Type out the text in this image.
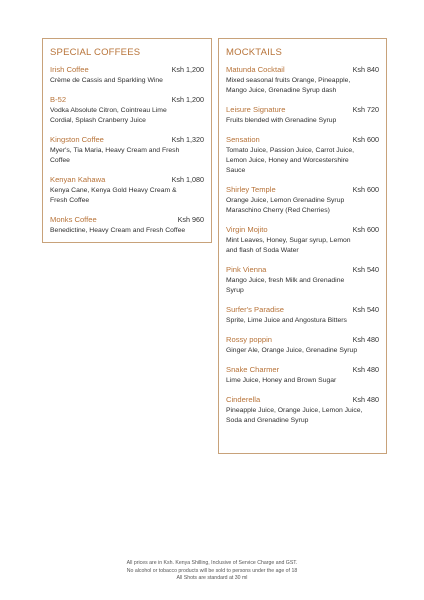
SPECIAL COFFEES
Irish Coffee	Ksh 1,200
Crème de Cassis and Sparkling Wine
B-52	Ksh 1,200
Vodka Absolute Citron, Cointreau Lime Cordial, Splash Cranberry Juice
Kingston Coffee	Ksh 1,320
Myer's, Tia Maria, Heavy Cream and Fresh Coffee
Kenyan Kahawa	Ksh 1,080
Kenya Cane, Kenya Gold Heavy Cream & Fresh Coffee
Monks Coffee	Ksh 960
Benedictine, Heavy Cream and Fresh Coffee
MOCKTAILS
Matunda Cocktail	Ksh 840
Mixed seasonal fruits Orange, Pineapple, Mango Juice, Grenadine Syrup dash
Leisure Signature	Ksh 720
Fruits blended with Grenadine Syrup
Sensation	Ksh 600
Tomato Juice, Passion Juice, Carrot Juice, Lemon Juice, Honey and Worcestershire Sauce
Shirley Temple	Ksh 600
Orange Juice, Lemon Grenadine Syrup Maraschino Cherry (Red Cherries)
Virgin Mojito	Ksh 600
Mint Leaves, Honey, Sugar syrup, Lemon and flash of Soda Water
Pink Vienna	Ksh 540
Mango Juice, fresh Milk and Grenadine Syrup
Surfer's Paradise	Ksh 540
Sprite, Lime Juice and Angostura Bitters
Rossy poppin	Ksh 480
Ginger Ale, Orange Juice, Grenadine Syrup
Snake Charmer	Ksh 480
Lime Juice, Honey and Brown Sugar
Cinderella	Ksh 480
Pineapple Juice, Orange Juice, Lemon Juice, Soda and Grenadine Syrup
All prices are in Ksh. Kenya Shilling, Inclusive of Service Charge and GST.
No alcohol or tobacco products will be sold to persons under the age of 18
All Shots are standard at 30 ml
